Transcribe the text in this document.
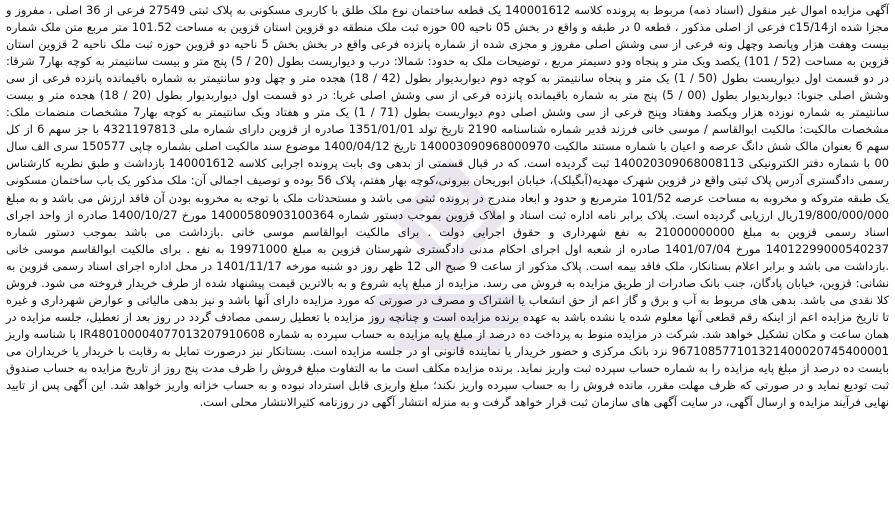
آگهی مزایده اموال غیر منقول (اسناد ذمه) مربوط به پرونده کلاسه 140001612 یک قطعه ساختمان نوع ملک طلق با کاربری مسکونی به پلاک ثبتی 27549 فرعی از 36 اصلی ، مفروز و مجزا شده ازc15/14 فرعی از اصلی مذکور ، قطعه 0 در طبقه و واقع در بخش 05 ناحیه 00 حوزه ثبت ملک منطقه دو قزوین استان قزوین به مساحت 101.52 متر مربع متن ملک شماره بیست وهفت هزار وپانصد وچهل ونه فرعی از سی وشش اصلی مفروز و مجزی شده از شماره پانزده فرعی واقع در بخش بخش 5 ناحیه دو قزوین حوزه ثبت ملک ناحیه 2 قزوین استان قزوین به مساحت (52 / 101) یکصد ویک متر و پنجاه ودو دسیمتر مربع ، توضیحات ملک به حدود: شمالا: درب و دیواریست بطول (20 / 5) پنج متر و بیست سانتیمتر به کوچه بهار7 شرقا: در دو قسمت اول دیواریست بطول (50 / 1) یک متر و پنجاه سانتیمتر به کوچه دوم دیواربدیوار بطول (42 / 18) هجده متر و چهل ودو سانتیمتر به شماره باقیمانده پانزده فرعی از سی وشش اصلی جنوبا: دیواربدیوار بطول (00 / 5) پنج متر به شماره باقیمانده پانزده فرعی از سی وشش اصلی غربا: در دو قسمت اول دیواربدیوار بطول (20 / 18) هجده متر و بیست سانتیمتر به شماره نوزده هزار ویکصد وهفتاد وپنج فرعی از سی وشش اصلی دوم دیواریست بطول (71 / 1) یک متر و هفتاد ویک سانتیمتر به کوچه بهار7 مشخصات منضمات ملک: مشخصات مالکیت: مالکیت ابوالقاسم / موسی خانی فرزند قدیر شماره شناسنامه 2190 تاریخ تولد 1351/01/01 صادره از قزوین دارای شماره ملی 4321197813 با جز سهم 6 از کل سهم 6 بعنوان مالک شش دانگ عرصه و اعیان با شماره مستند مالکیت 140003090968000970 تاریخ 1400/04/12 موضوع سند مالکیت اصلی بشماره چاپی 150577 سری الف سال 00 با شماره دفتر الکترونیکی 140020309068008113 ثبت گردیده است. که در قبال قسمتی از بدهی وی بابت پرونده اجرایی کلاسه 140001612 بازداشت و طبق نظریه کارشناس رسمی دادگستری آدرس پلاک ثبتی واقع در قزوین شهرک مهدیه(آبگیلک)، خیابان ابوریحان بیرونی،کوچه بهار هفتم، پلاک 56 بوده و توصیف اجمالی آن: ملک مذکور یک باب ساختمان مسکونی یک طبقه متروکه و مخروبه به مساحت عرصه 101/52 مترمربع و حدود و ابعاد مندرج در پرونده ثبتی می باشد و مستحدثات ملک با توجه به مخروبه بودن آن فاقد ارزش می باشد و به مبلغ 19/800/000/000ریال ارزیابی گردیده است. پلاک برابر نامه اداره ثبت اسناد و املاک قزوین بموجب دستور شماره 14000580903100364 مورخ 1400/10/27 صادره از واحد اجرای اسناد رسمی قزوین به مبلغ 21000000000 به نفع شهرداری و حقوق اجرایی دولت . برای مالکیت ابوالقاسم موسی خانی .بازداشت می باشد بموجب دستور شماره 14012299000540237 مورخ 1401/07/04 صادره از شعبه اول اجرای احکام مدنی دادگستری شهرستان قزوین به مبلغ 19971000 به نفع . برای مالکیت ابوالقاسم موسی خانی .بازداشت می باشد و برابر اعلام بستانکار، ملک فاقد بیمه است. پلاک مذکور از ساعت 9 صبح الی 12 ظهر روز دو شنبه مورخه 1401/11/17 در محل اداره اجرای اسناد رسمی قزوین به نشانی: قزوین، خیابان پادگان، جنب بانک صادرات از طریق مزایده به فروش می رسد. مزایده از مبلغ پایه شروع و به بالاترین قیمت پیشنهاد شده از طرف خریدار فروخته می شود. فروش کلا نقدی می باشد. بدهی های مربوط به آب و برق و گاز اعم از حق انشعاب یا اشتراک و مصرف در صورتی که مورد مزایده دارای آنها باشد و نیز بدهی مالیاتی و عوارض شهرداری و غیره تا تاریخ مزایده اعم از اینکه رقم قطعی آنها معلوم شده یا نشده باشد به عهده برنده مزایده است و چنانچه روز مزایده با تعطیل رسمی مصادف گردد در روز بعد از تعطیل، جلسه مزایده در همان ساعت و مکان تشکیل خواهد شد. شرکت در مزایده منوط به پرداخت ده درصد از مبلغ پایه مزایده به حساب سپرده به شماره IR480100004077013207910608 با شناسه واریز 967108577101321400020745400001 نزد بانک مرکزی و حضور خریدار یا نماینده قانونی او در جلسه مزایده است. بستانکار نیز درصورت تمایل به رقابت با خریدار یا خریداران می بایست ده درصد از مبلغ پایه مزایده را به شماره حساب سپرده ثبت واریز نماید. برنده مزایده مکلف است ما به التفاوت مبلغ فروش را ظرف مدت پنج روز از تاریخ مزایده به حساب صندوق ثبت تودیع نماید و در صورتی که ظرف مهلت مقرر، مانده فروش را به حساب سپرده واریز نکند؛ مبلغ واریزی قابل استرداد نبوده و به حساب خزانه واریز خواهد شد. این آگهی پس از تایید نهایی فرآیند مزایده و ارسال آگهی، در سایت آگهی های سازمان ثبت قرار خواهد گرفت و به منزله انتشار آگهی در روزنامه کثیرالانتشار محلی است.
